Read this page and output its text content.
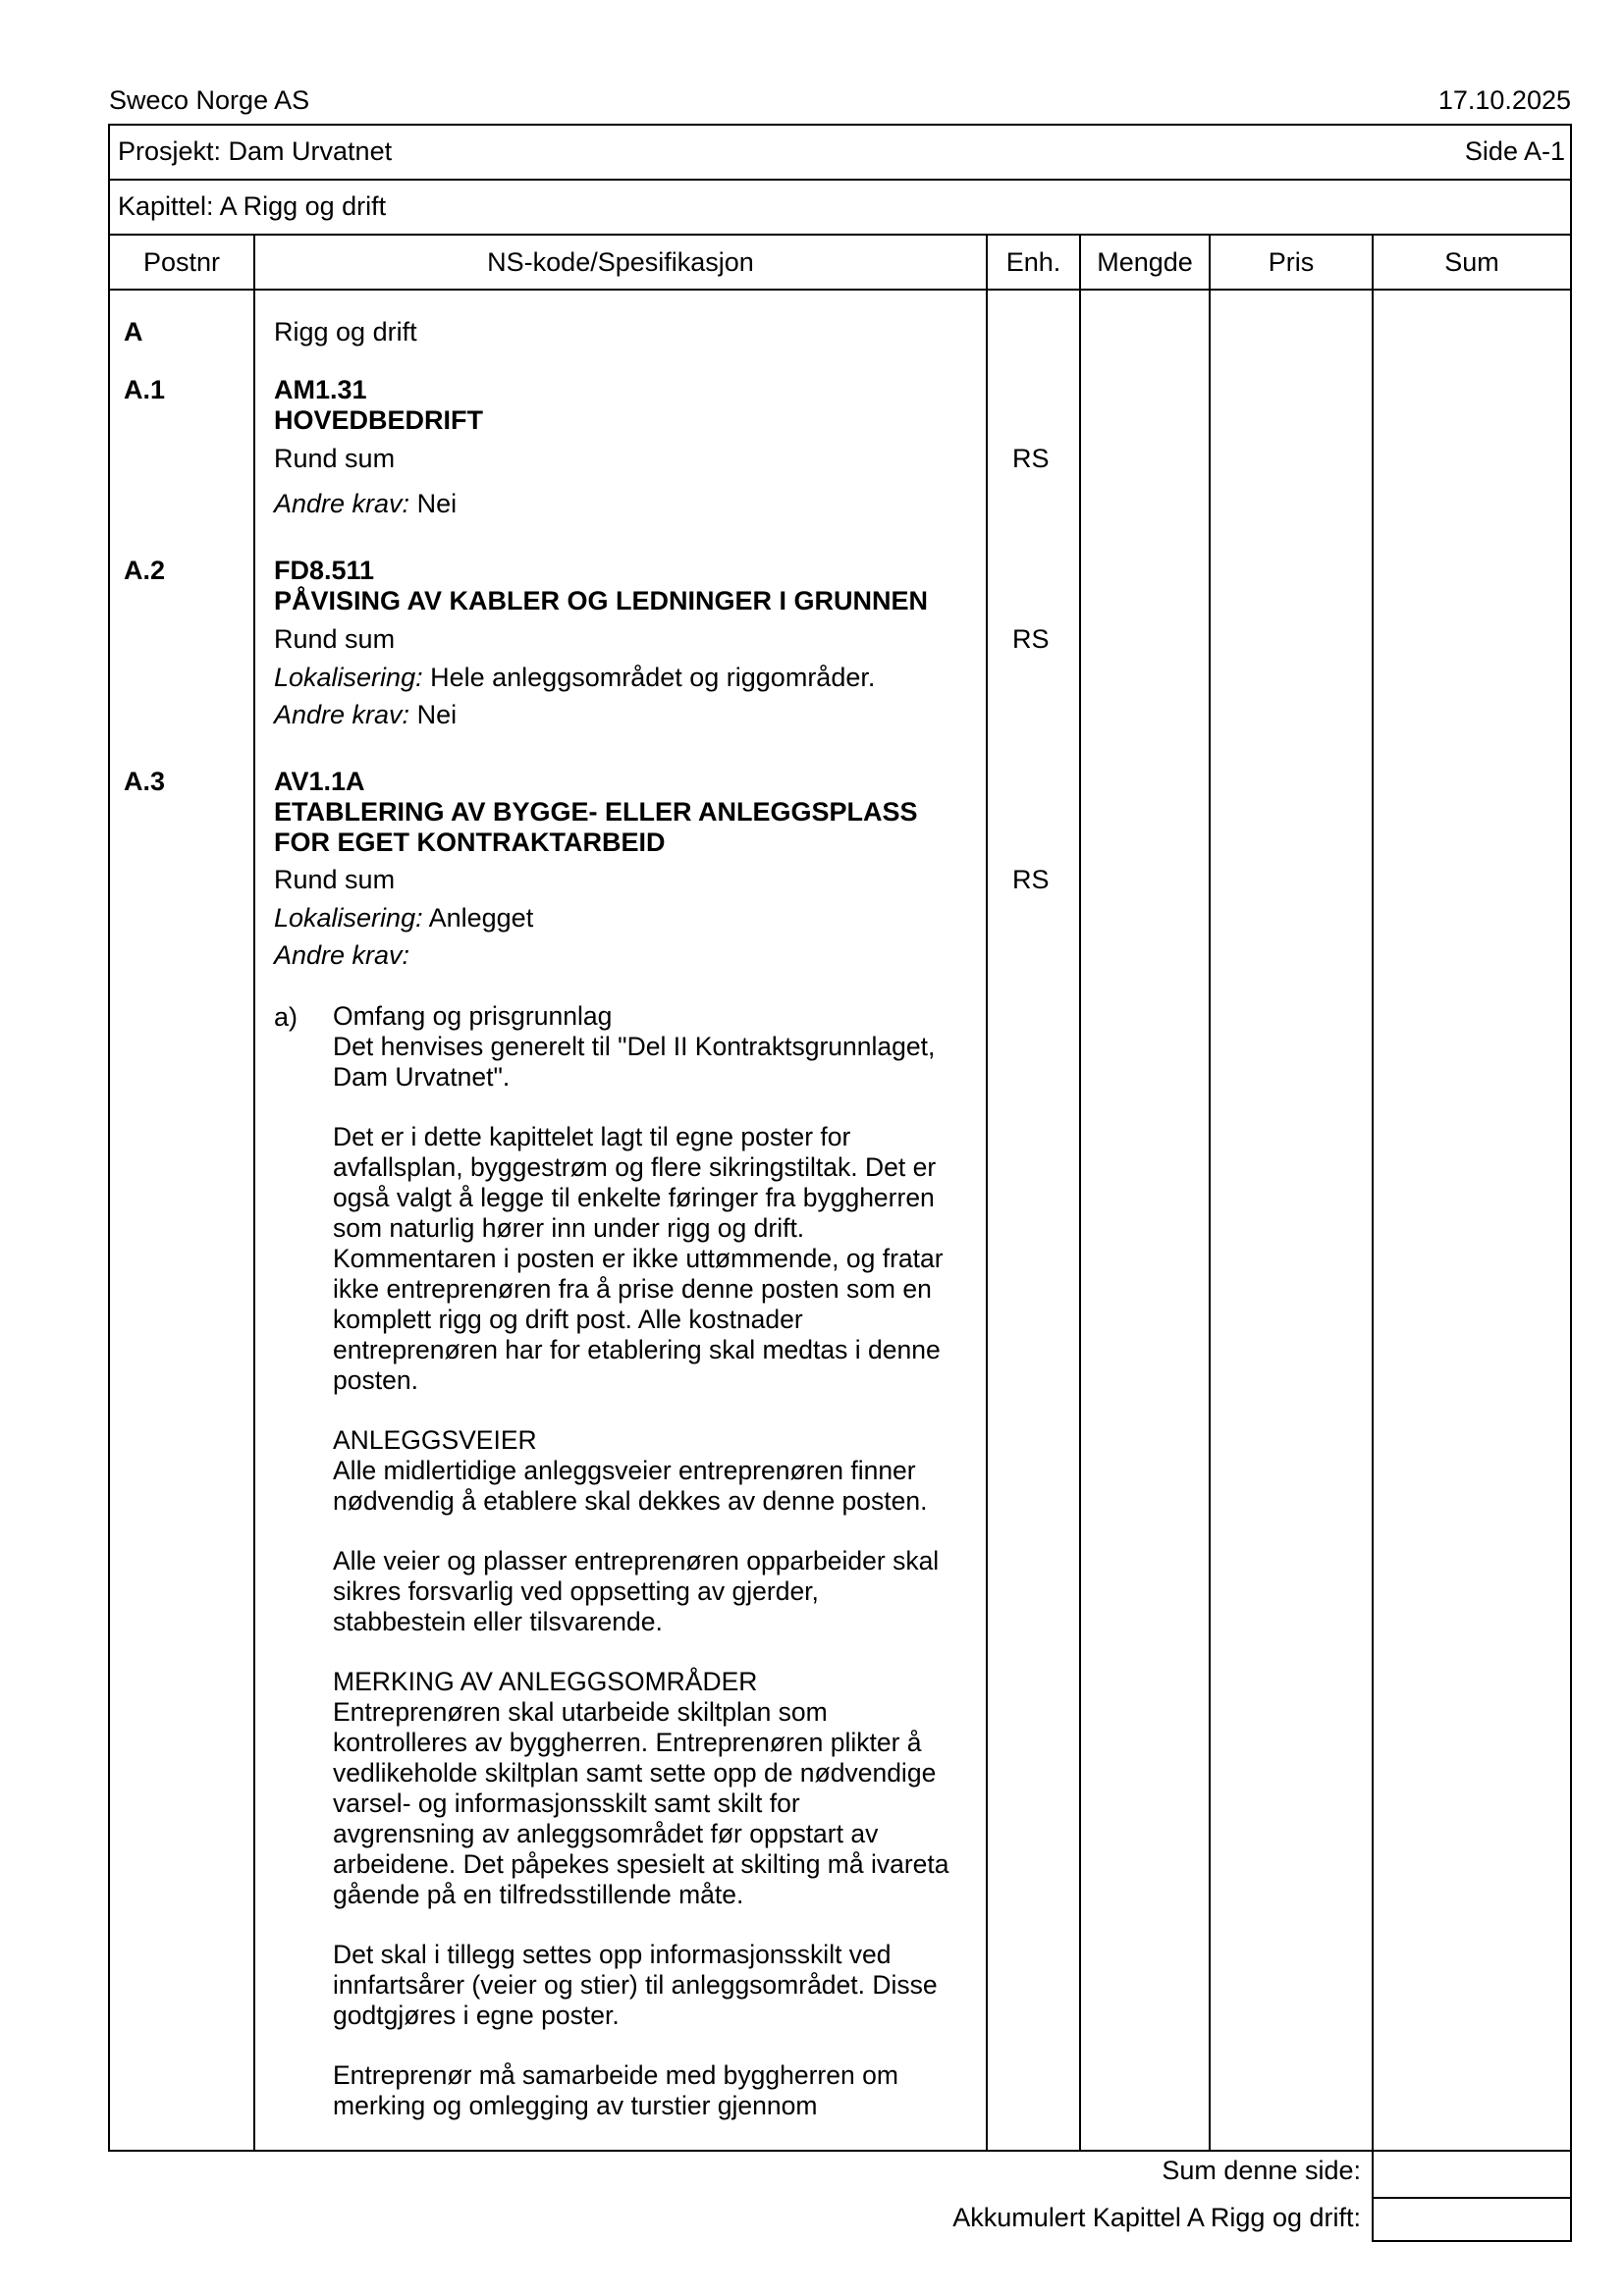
Sweco Norge AS	17.10.2025
Prosjekt: Dam Urvatnet	Side A-1
Kapittel: A Rigg og drift
Postnr	NS-kode/Spesifikasjon	Enh.	Mengde	Pris	Sum
A	Rigg og drift
A.1	AM1.31
HOVEDBEDRIFT
Rund sum	RS
Andre krav: Nei
A.2	FD8.511
PÅVISING AV KABLER OG LEDNINGER I GRUNNEN
Rund sum	RS
Lokalisering: Hele anleggsområdet og riggområder.
Andre krav: Nei
A.3	AV1.1A
ETABLERING AV BYGGE- ELLER ANLEGGSPLASS
FOR EGET KONTRAKTARBEID
Rund sum	RS
Lokalisering: Anlegget
Andre krav:
a) Omfang og prisgrunnlag
Det henvises generelt til "Del II Kontraktsgrunnlaget,
Dam Urvatnet".
Det er i dette kapittelet lagt til egne poster for
avfallsplan, byggestrøm og flere sikringstiltak. Det er
også valgt å legge til enkelte føringer fra byggherren
som naturlig hører inn under rigg og drift.
Kommentaren i posten er ikke uttømmende, og fratar
ikke entreprenøren fra å prise denne posten som en
komplett rigg og drift post. Alle kostnader
entreprenøren har for etablering skal medtas i denne
posten.
ANLEGGSVEIER
Alle midlertidige anleggsveier entreprenøren finner
nødvendig å etablere skal dekkes av denne posten.
Alle veier og plasser entreprenøren opparbeider skal
sikres forsvarlig ved oppsetting av gjerder,
stabbestein eller tilsvarende.
MERKING AV ANLEGGSOMRÅDER
Entreprenøren skal utarbeide skiltplan som
kontrolleres av byggherren. Entreprenøren plikter å
vedlikeholde skiltplan samt sette opp de nødvendige
varsel- og informasjonsskilt samt skilt for
avgrensning av anleggsområdet før oppstart av
arbeidene. Det påpekes spesielt at skilting må ivareta
gående på en tilfredsstillende måte.
Det skal i tillegg settes opp informasjonsskilt ved
innfartsårer (veier og stier) til anleggsområdet. Disse
godtgjøres i egne poster.
Entreprenør må samarbeide med byggherren om
merking og omlegging av turstier gjennom
Sum denne side:
Akkumulert Kapittel A Rigg og drift:
